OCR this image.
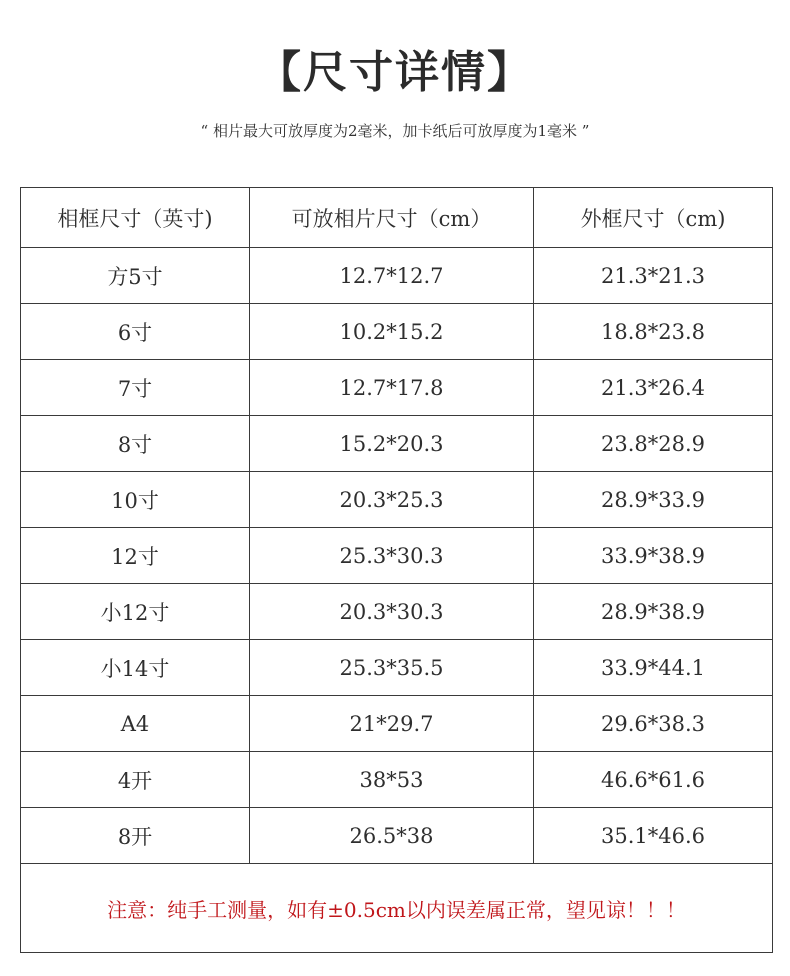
【尺寸详情】
“ 相片最大可放厚度为2毫米，加卡纸后可放厚度为1毫米 ”
相框尺寸（英寸)	可放相片尺寸（cm）	外框尺寸（cm)
方5寸	12.7*12.7	21.3*21.3
6寸	10.2*15.2	18.8*23.8
7寸	12.7*17.8	21.3*26.4
8寸	15.2*20.3	23.8*28.9
10寸	20.3*25.3	28.9*33.9
12寸	25.3*30.3	33.9*38.9
小12寸	20.3*30.3	28.9*38.9
小14寸	25.3*35.5	33.9*44.1
A4	21*29.7	29.6*38.3
4开	38*53	46.6*61.6
8开	26.5*38	35.1*46.6
注意：纯手工测量，如有±0.5cm以内误差属正常，望见谅！！！		
